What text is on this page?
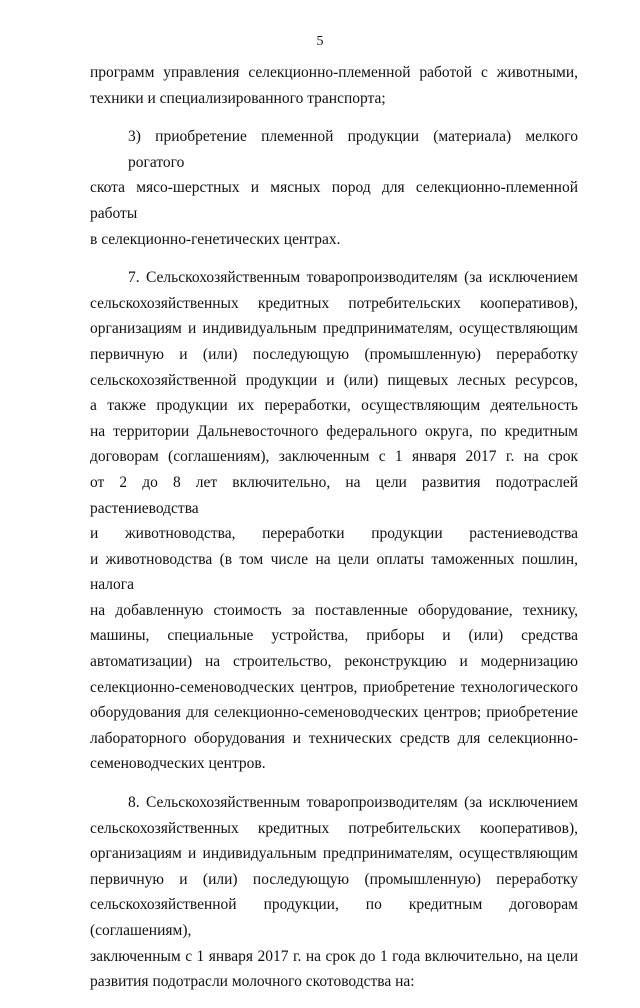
5
программ управления селекционно-племенной работой с животными,
техники и специализированного транспорта;
3) приобретение племенной продукции (материала) мелкого рогатого
скота мясо-шерстных и мясных пород для селекционно-племенной работы
в селекционно-генетических центрах.
7. Сельскохозяйственным товаропроизводителям (за исключением
сельскохозяйственных кредитных потребительских кооперативов),
организациям и индивидуальным предпринимателям, осуществляющим
первичную и (или) последующую (промышленную) переработку
сельскохозяйственной продукции и (или) пищевых лесных ресурсов,
а также продукции их переработки, осуществляющим деятельность
на территории Дальневосточного федерального округа, по кредитным
договорам (соглашениям), заключенным с 1 января 2017 г. на срок
от 2 до 8 лет включительно, на цели развития подотраслей растениеводства
и животноводства, переработки продукции растениеводства
и животноводства (в том числе на цели оплаты таможенных пошлин, налога
на добавленную стоимость за поставленные оборудование, технику,
машины, специальные устройства, приборы и (или) средства
автоматизации) на строительство, реконструкцию и модернизацию
селекционно-семеноводческих центров, приобретение технологического
оборудования для селекционно-семеноводческих центров; приобретение
лабораторного оборудования и технических средств для селекционно-
семеноводческих центров.
8. Сельскохозяйственным товаропроизводителям (за исключением
сельскохозяйственных кредитных потребительских кооперативов),
организациям и индивидуальным предпринимателям, осуществляющим
первичную и (или) последующую (промышленную) переработку
сельскохозяйственной продукции, по кредитным договорам (соглашениям),
заключенным с 1 января 2017 г. на срок до 1 года включительно, на цели
развития подотрасли молочного скотоводства на:
